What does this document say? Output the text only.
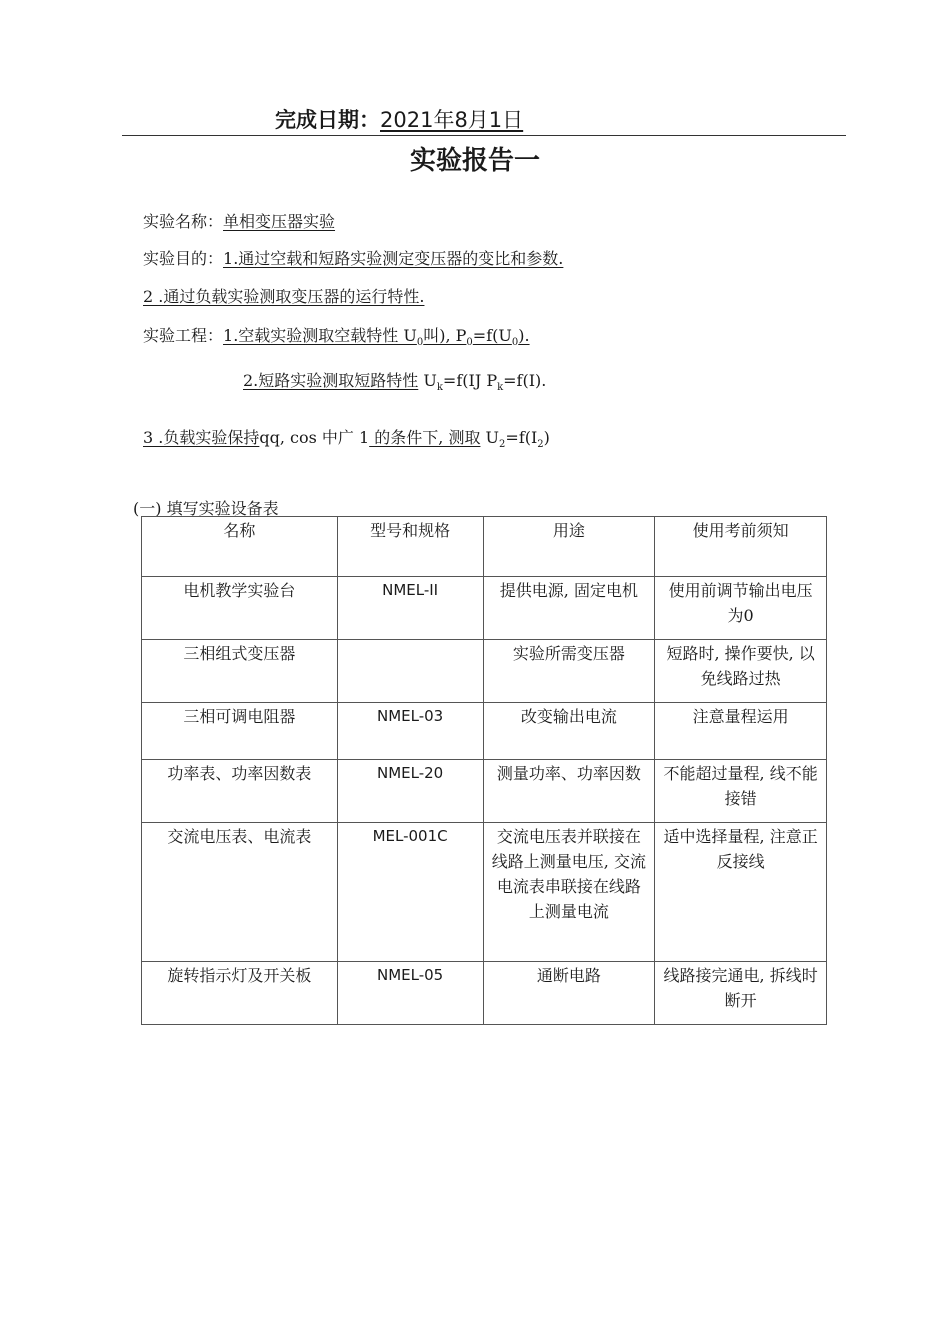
完成日期：2021年8月1日
实验报告一
实验名称：单相变压器实验
实验目的：1.通过空载和短路实验测定变压器的变比和参数.
2 .通过负载实验测取变压器的运行特性.
实验工程：1.空载实验测取空载特性 $U_0$叫), $P_0=f(U_0)$.
2.短路实验测取短路特性 $U_k=f(IJ$ $P_k=f(I)$.
3 .负载实验保持qq, cos 中广 1 的条件下, 测取 $U_2=f(I_2)$
(一) 填写实验设备表
名称	型号和规格	用途	使用考前须知
电机教学实验台	NMEL-II	提供电源, 固定电机	使用前调节输出电压为0
三相组式变压器		实验所需变压器	短路时, 操作要快, 以免线路过热
三相可调电阻器	NMEL-03	改变输出电流	注意量程运用
功率表、功率因数表	NMEL-20	测量功率、功率因数	不能超过量程, 线不能接错
交流电压表、电流表	MEL-001C	交流电压表并联接在线路上测量电压, 交流电流表串联接在线路上测量电流	适中选择量程, 注意正反接线
旋转指示灯及开关板	NMEL-05	通断电路	线路接完通电, 拆线时断开
